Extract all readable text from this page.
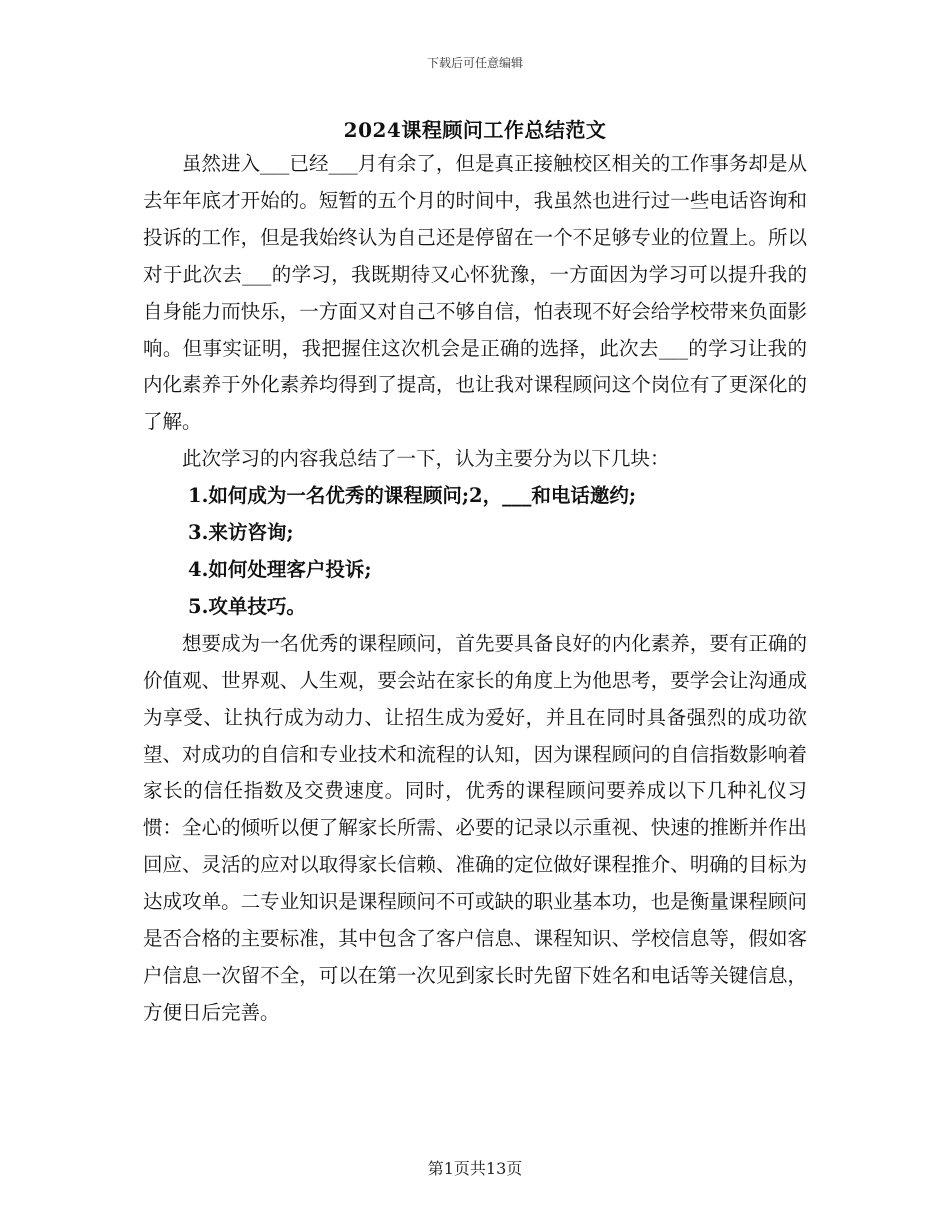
下载后可任意编辑
2024课程顾问工作总结范文

虽然进入___已经___月有余了，但是真正接触校区相关的工作事务却是从去年年底才开始的。短暂的五个月的时间中，我虽然也进行过一些电话咨询和投诉的工作，但是我始终认为自己还是停留在一个不足够专业的位置上。所以对于此次去___的学习，我既期待又心怀犹豫，一方面因为学习可以提升我的自身能力而快乐，一方面又对自己不够自信，怕表现不好会给学校带来负面影响。但事实证明，我把握住这次机会是正确的选择，此次去___的学习让我的内化素养于外化素养均得到了提高，也让我对课程顾问这个岗位有了更深化的了解。

此次学习的内容我总结了一下，认为主要分为以下几块：

1.如何成为一名优秀的课程顾问;2，___和电话邀约;

3.来访咨询;

4.如何处理客户投诉;

5.攻单技巧。

想要成为一名优秀的课程顾问，首先要具备良好的内化素养，要有正确的价值观、世界观、人生观，要会站在家长的角度上为他思考，要学会让沟通成为享受、让执行成为动力、让招生成为爱好，并且在同时具备强烈的成功欲望、对成功的自信和专业技术和流程的认知，因为课程顾问的自信指数影响着家长的信任指数及交费速度。同时，优秀的课程顾问要养成以下几种礼仪习惯：全心的倾听以便了解家长所需、必要的记录以示重视、快速的推断并作出回应、灵活的应对以取得家长信赖、准确的定位做好课程推介、明确的目标为达成攻单。二专业知识是课程顾问不可或缺的职业基本功，也是衡量课程顾问是否合格的主要标准，其中包含了客户信息、课程知识、学校信息等，假如客户信息一次留不全，可以在第一次见到家长时先留下姓名和电话等关键信息，方便日后完善。

第1页共13页
